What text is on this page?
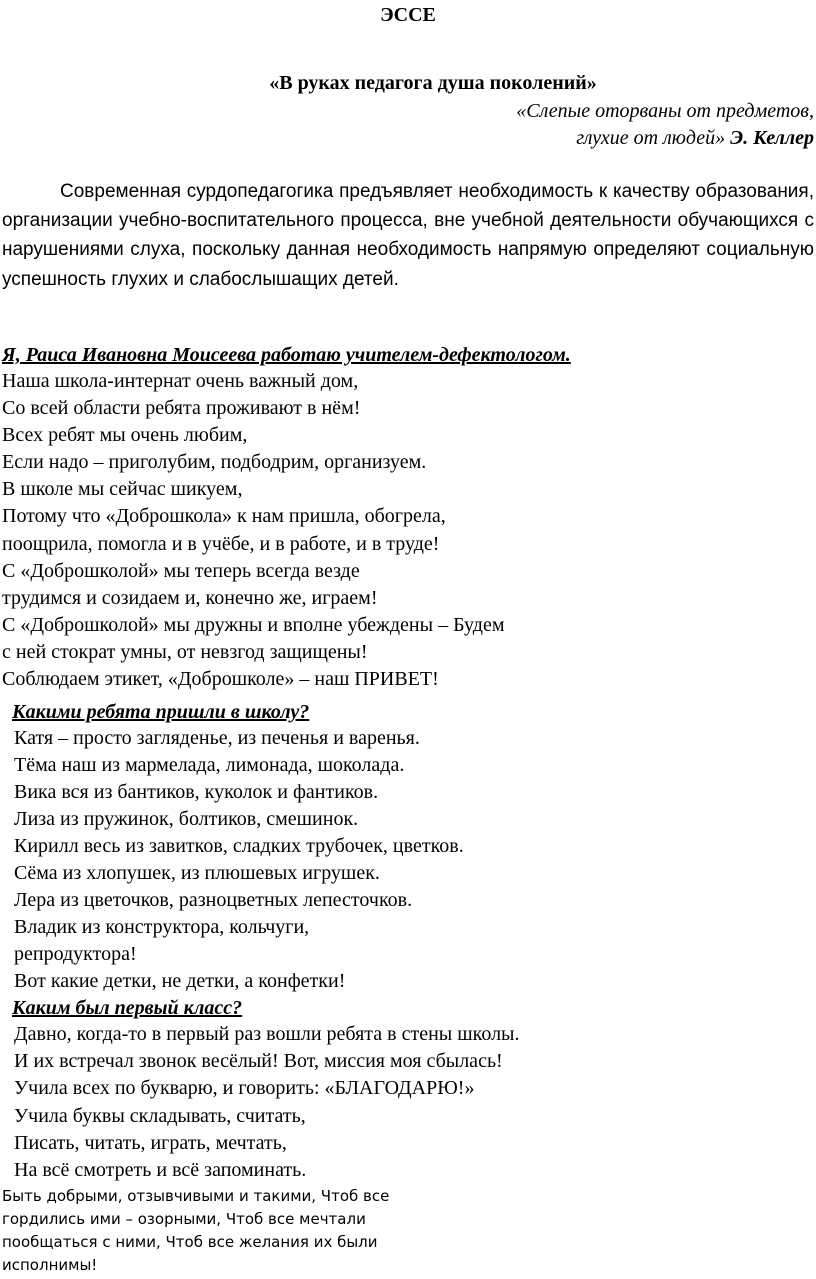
ЭССЕ
«В руках педагога душа поколений»
«Слепые оторваны от предметов,
глухие от людей» Э. Келлер

Современная сурдопедагогика предъявляет необходимость к качеству образования, организации учебно-воспитательного процесса, вне учебной деятельности обучающихся с нарушениями слуха, поскольку данная необходимость напрямую определяют социальную успешность глухих и слабослышащих детей.

Я, Раиса Ивановна Моисеева работаю учителем-дефектологом.
Наша школа-интернат очень важный дом,
Со всей области ребята проживают в нём!
Всех ребят мы очень любим,
Если надо – приголубим, подбодрим, организуем.
В школе мы сейчас шикуем,
Потому что «Доброшкола» к нам пришла, обогрела,
поощрила, помогла и в учёбе, и в работе, и в труде!
С «Доброшколой» мы теперь всегда везде
трудимся и созидаем и, конечно же, играем!
С «Доброшколой» мы дружны и вполне убеждены – Будем
с ней стократ умны, от невзгод защищены!
Соблюдаем этикет, «Доброшколе» – наш ПРИВЕТ!
Какими ребята пришли в школу?
Катя – просто загляденье, из печенья и варенья.
Тёма наш из мармелада, лимонада, шоколада.
Вика вся из бантиков, куколок и фантиков.
Лиза из пружинок, болтиков, смешинок.
Кирилл весь из завитков, сладких трубочек, цветков.
Сёма из хлопушек, из плюшевых игрушек.
Лера из цветочков, разноцветных лепесточков.
Владик из конструктора, кольчуги,
репродуктора!
Вот какие детки, не детки, а конфетки!
Каким был первый класс?
Давно, когда-то в первый раз вошли ребята в стены школы.
И их встречал звонок весёлый! Вот, миссия моя сбылась!
Учила всех по букварю, и говорить: «БЛАГОДАРЮ!»
Учила буквы складывать, считать,
Писать, читать, играть, мечтать,
На всё смотреть и всё запоминать.
Быть добрыми, отзывчивыми и такими, Чтоб все
гордились ими – озорными, Чтоб все мечтали
пообщаться с ними, Чтоб все желания их были
исполнимы!
